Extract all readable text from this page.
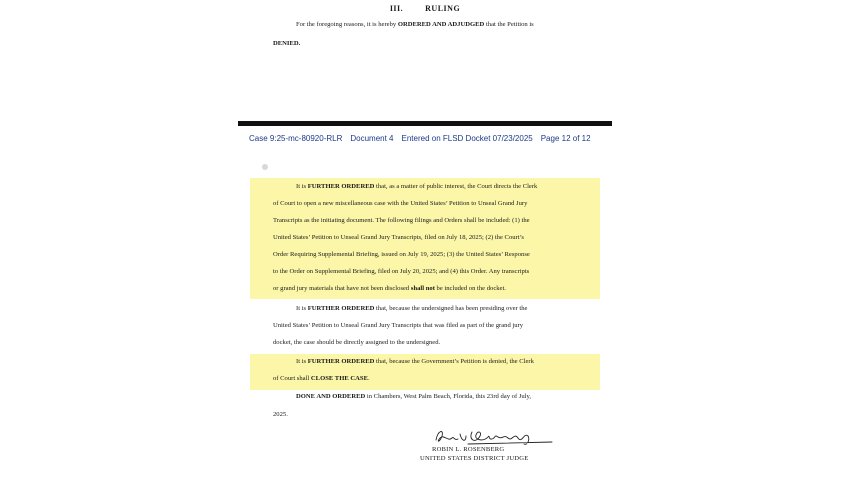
III.	RULING
For the foregoing reasons, it is hereby ORDERED AND ADJUDGED that the Petition is
DENIED.
Case 9:25-mc-80920-RLR Document 4 Entered on FLSD Docket 07/23/2025 Page 12 of 12
It is FURTHER ORDERED that, as a matter of public interest, the Court directs the Clerk
of Court to open a new miscellaneous case with the United States’ Petition to Unseal Grand Jury
Transcripts as the initiating document. The following filings and Orders shall be included: (1) the
United States’ Petition to Unseal Grand Jury Transcripts, filed on July 18, 2025; (2) the Court’s
Order Requiring Supplemental Briefing, issued on July 19, 2025; (3) the United States’ Response
to the Order on Supplemental Briefing, filed on July 20, 2025; and (4) this Order. Any transcripts
or grand jury materials that have not been disclosed shall not be included on the docket.
It is FURTHER ORDERED that, because the undersigned has been presiding over the
United States’ Petition to Unseal Grand Jury Transcripts that was filed as part of the grand jury
docket, the case should be directly assigned to the undersigned.
It is FURTHER ORDERED that, because the Government’s Petition is denied, the Clerk
of Court shall CLOSE THE CASE.
DONE AND ORDERED in Chambers, West Palm Beach, Florida, this 23rd day of July,
2025.
ROBIN L. ROSENBERG
UNITED STATES DISTRICT JUDGE
